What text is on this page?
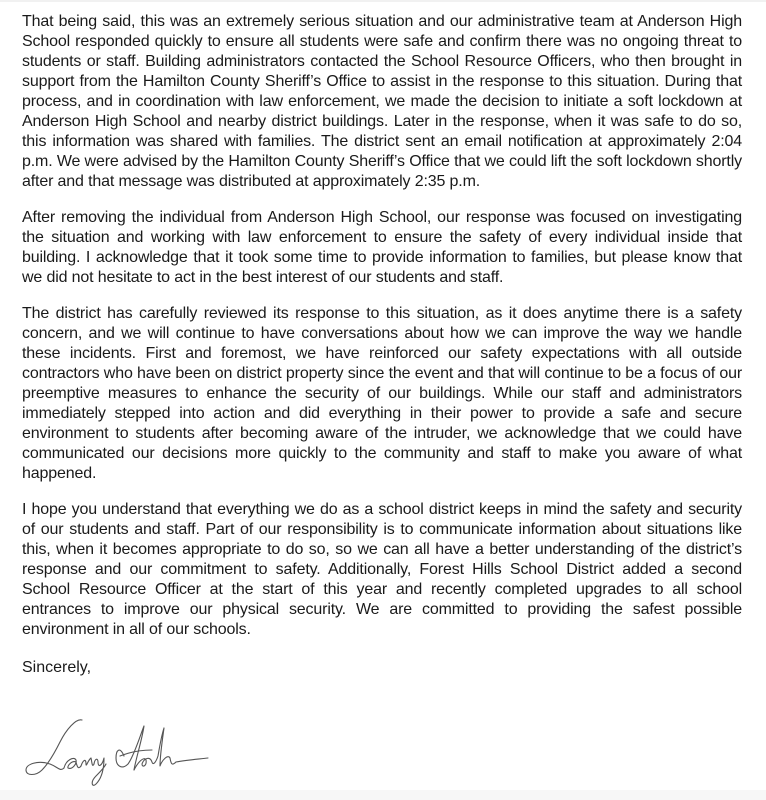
That being said, this was an extremely serious situation and our administrative team at Anderson High School responded quickly to ensure all students were safe and confirm there was no ongoing threat to students or staff. Building administrators contacted the School Resource Officers, who then brought in support from the Hamilton County Sheriff’s Office to assist in the response to this situation. During that process, and in coordination with law enforcement, we made the decision to initiate a soft lockdown at Anderson High School and nearby district buildings. Later in the response, when it was safe to do so, this information was shared with families. The district sent an email notification at approximately 2:04 p.m. We were advised by the Hamilton County Sheriff’s Office that we could lift the soft lockdown shortly after and that message was distributed at approximately 2:35 p.m.

After removing the individual from Anderson High School, our response was focused on investigating the situation and working with law enforcement to ensure the safety of every individual inside that building. I acknowledge that it took some time to provide information to families, but please know that we did not hesitate to act in the best interest of our students and staff.

The district has carefully reviewed its response to this situation, as it does anytime there is a safety concern, and we will continue to have conversations about how we can improve the way we handle these incidents. First and foremost, we have reinforced our safety expectations with all outside contractors who have been on district property since the event and that will continue to be a focus of our preemptive measures to enhance the security of our buildings. While our staff and administrators immediately stepped into action and did everything in their power to provide a safe and secure environment to students after becoming aware of the intruder, we acknowledge that we could have communicated our decisions more quickly to the community and staff to make you aware of what happened.

I hope you understand that everything we do as a school district keeps in mind the safety and security of our students and staff. Part of our responsibility is to communicate information about situations like this, when it becomes appropriate to do so, so we can all have a better understanding of the district’s response and our commitment to safety. Additionally, Forest Hills School District added a second School Resource Officer at the start of this year and recently completed upgrades to all school entrances to improve our physical security. We are committed to providing the safest possible environment in all of our schools.

Sincerely,
